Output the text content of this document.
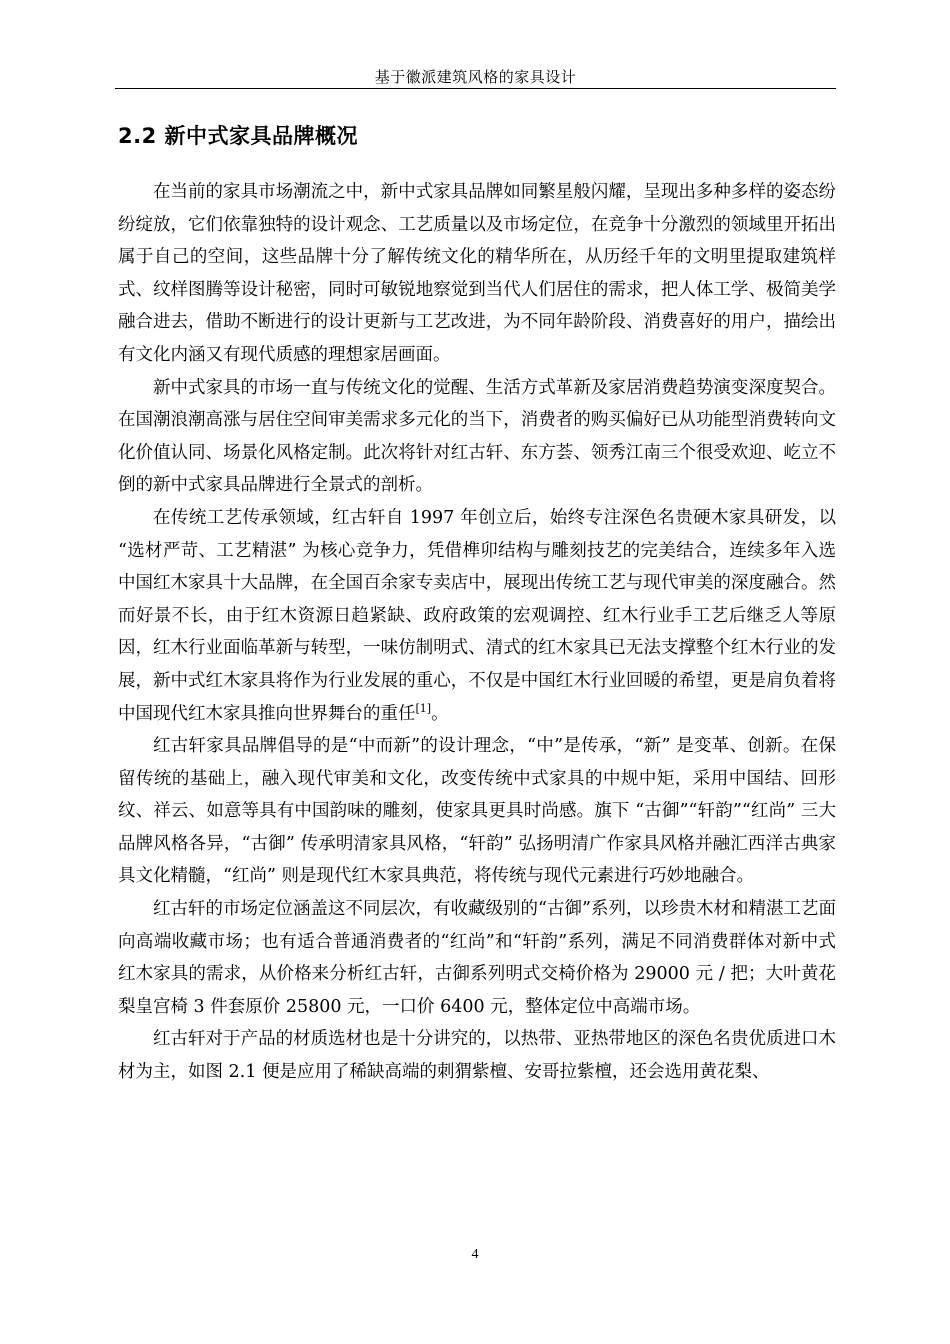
基于徽派建筑风格的家具设计
2.2 新中式家具品牌概况

在当前的家具市场潮流之中，新中式家具品牌如同繁星般闪耀，呈现出多种多样的姿态纷纷绽放，它们依靠独特的设计观念、工艺质量以及市场定位，在竞争十分激烈的领域里开拓出属于自己的空间，这些品牌十分了解传统文化的精华所在，从历经千年的文明里提取建筑样式、纹样图腾等设计秘密，同时可敏锐地察觉到当代人们居住的需求，把人体工学、极简美学融合进去，借助不断进行的设计更新与工艺改进，为不同年龄阶段、消费喜好的用户，描绘出有文化内涵又有现代质感的理想家居画面。

新中式家具的市场一直与传统文化的觉醒、生活方式革新及家居消费趋势演变深度契合。在国潮浪潮高涨与居住空间审美需求多元化的当下，消费者的购买偏好已从功能型消费转向文化价值认同、场景化风格定制。此次将针对红古轩、东方荟、领秀江南三个很受欢迎、屹立不倒的新中式家具品牌进行全景式的剖析。

在传统工艺传承领域，红古轩自 1997 年创立后，始终专注深色名贵硬木家具研发，以 “选材严苛、工艺精湛” 为核心竞争力，凭借榫卯结构与雕刻技艺的完美结合，连续多年入选中国红木家具十大品牌，在全国百余家专卖店中，展现出传统工艺与现代审美的深度融合。然而好景不长，由于红木资源日趋紧缺、政府政策的宏观调控、红木行业手工艺后继乏人等原因，红木行业面临革新与转型，一味仿制明式、清式的红木家具已无法支撑整个红木行业的发展，新中式红木家具将作为行业发展的重心，不仅是中国红木行业回暖的希望，更是肩负着将中国现代红木家具推向世界舞台的重任[1]。

红古轩家具品牌倡导的是“中而新”的设计理念，“中”是传承，“新” 是变革、创新。在保留传统的基础上，融入现代审美和文化，改变传统中式家具的中规中矩，采用中国结、回形纹、祥云、如意等具有中国韵味的雕刻，使家具更具时尚感。旗下 “古御”“轩韵”“红尚” 三大品牌风格各异，“古御” 传承明清家具风格，“轩韵” 弘扬明清广作家具风格并融汇西洋古典家具文化精髓，“红尚” 则是现代红木家具典范，将传统与现代元素进行巧妙地融合。

红古轩的市场定位涵盖这不同层次，有收藏级别的“古御”系列，以珍贵木材和精湛工艺面向高端收藏市场；也有适合普通消费者的“红尚”和“轩韵”系列，满足不同消费群体对新中式红木家具的需求，从价格来分析红古轩，古御系列明式交椅价格为 29000 元 / 把；大叶黄花梨皇宫椅 3 件套原价 25800 元，一口价 6400 元，整体定位中高端市场。

红古轩对于产品的材质选材也是十分讲究的，以热带、亚热带地区的深色名贵优质进口木材为主，如图 2.1 便是应用了稀缺高端的刺猬紫檀、安哥拉紫檀，还会选用黄花梨、

4
